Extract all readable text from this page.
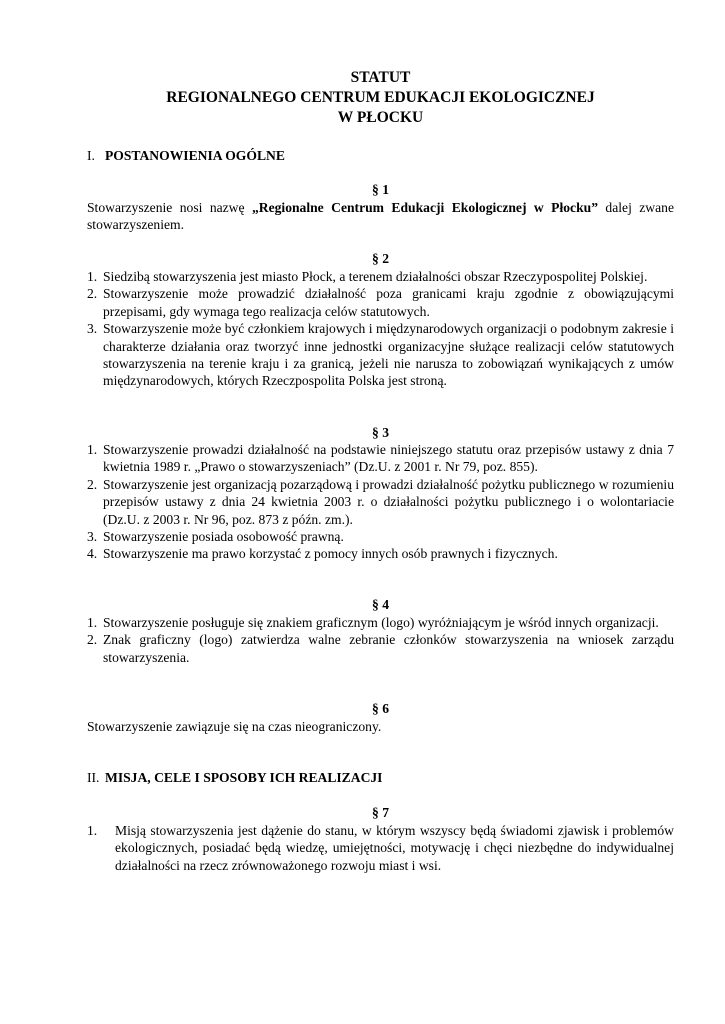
STATUT
REGIONALNEGO CENTRUM EDUKACJI EKOLOGICZNEJ
W PŁOCKU
I. POSTANOWIENIA OGÓLNE
§ 1

Stowarzyszenie nosi nazwę „Regionalne Centrum Edukacji Ekologicznej w Płocku” dalej zwane stowarzyszeniem.

§ 2
1. Siedzibą stowarzyszenia jest miasto Płock, a terenem działalności obszar Rzeczypospolitej Polskiej.
2. Stowarzyszenie może prowadzić działalność poza granicami kraju zgodnie z obowiązującymi przepisami, gdy wymaga tego realizacja celów statutowych.
3. Stowarzyszenie może być członkiem krajowych i międzynarodowych organizacji o podobnym zakresie i charakterze działania oraz tworzyć inne jednostki organizacyjne służące realizacji celów statutowych stowarzyszenia na terenie kraju i za granicą, jeżeli nie narusza to zobowiązań wynikających z umów międzynarodowych, których Rzeczpospolita Polska jest stroną.
§ 3
1. Stowarzyszenie prowadzi działalność na podstawie niniejszego statutu oraz przepisów ustawy z dnia 7 kwietnia 1989 r. „Prawo o stowarzyszeniach” (Dz.U. z 2001 r. Nr 79, poz. 855).
2. Stowarzyszenie jest organizacją pozarządową i prowadzi działalność pożytku publicznego w rozumieniu przepisów ustawy z dnia 24 kwietnia 2003 r. o działalności pożytku publicznego i o wolontariacie (Dz.U. z 2003 r. Nr 96, poz. 873 z późn. zm.).
3. Stowarzyszenie posiada osobowość prawną.
4. Stowarzyszenie ma prawo korzystać z pomocy innych osób prawnych i fizycznych.
§ 4
1. Stowarzyszenie posługuje się znakiem graficznym (logo) wyróżniającym je wśród innych organizacji.
2. Znak graficzny (logo) zatwierdza walne zebranie członków stowarzyszenia na wniosek zarządu stowarzyszenia.
§ 6

Stowarzyszenie zawiązuje się na czas nieograniczony.

II. MISJA, CELE I SPOSOBY ICH REALIZACJI
§ 7
1. Misją stowarzyszenia jest dążenie do stanu, w którym wszyscy będą świadomi zjawisk i problemów ekologicznych, posiadać będą wiedzę, umiejętności, motywację i chęci niezbędne do indywidualnej działalności na rzecz zrównoważonego rozwoju miast i wsi.
